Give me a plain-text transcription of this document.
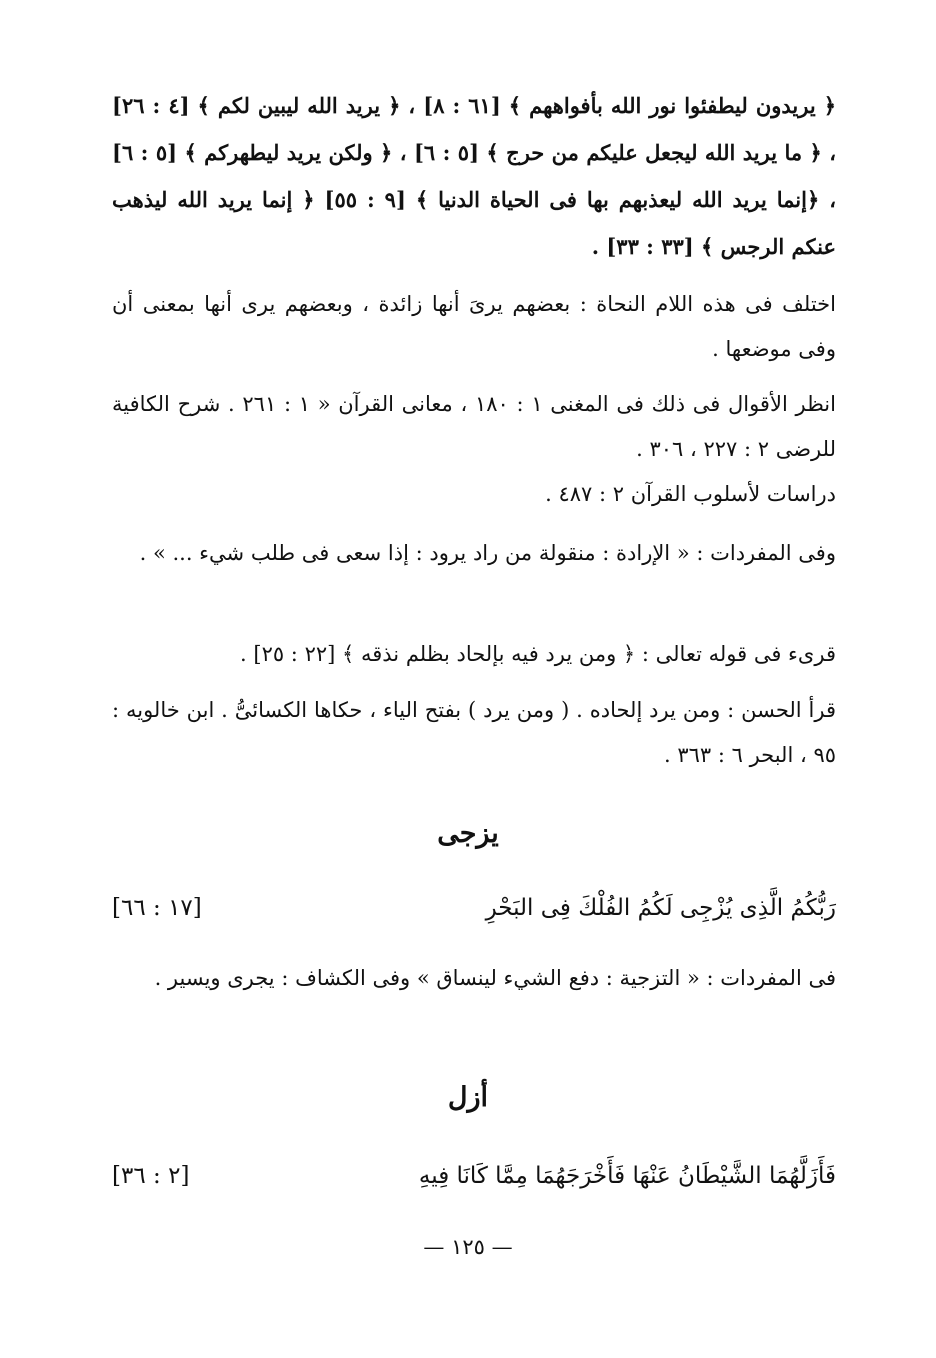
﴿ يريدون ليطفئوا نور الله بأفواههم ﴾ [٦١ : ٨] ، ﴿ يريد الله ليبين لكم ﴾ [٤ : ٢٦] ، ﴿ ما يريد الله ليجعل عليكم من حرج ﴾ [٥ : ٦] ، ﴿ ولكن يريد ليطهركم ﴾ [٥ : ٦] ، ﴿إنما يريد الله ليعذبهم بها فى الحياة الدنيا ﴾ [٩ : ٥٥] ﴿ إنما يريد الله ليذهب عنكم الرجس ﴾ [٣٣ : ٣٣] .

اختلف فى هذه اللام النحاة : بعضهم يرىَ أنها زائدة ، وبعضهم يرى أنها بمعنى أن وفى موضعها .

انظر الأقوال فى ذلك فى المغنى ١ : ١٨٠ ، معانى القرآن « ١ : ٢٦١ . شرح الكافية للرضى ٢ : ٢٢٧ ، ٣٠٦ .

دراسات لأسلوب القرآن ٢ : ٤٨٧ .

وفى المفردات : « الإرادة : منقولة من راد يرود : إذا سعى فى طلب شيء ... » .

قرىء فى قوله تعالى : ﴿ ومن يرد فيه بإلحاد بظلم نذقه ﴾ [٢٢ : ٢٥] .

قرأ الحسن : ومن يرد إلحاده . ( ومن يرد ) بفتح الياء ، حكاها الكسائىُّ . ابن خالويه : ٩٥ ، البحر ٦ : ٣٦٣ .

يزجى
رَبُّكُمُ الَّذِى يُزْجِى لَكُمُ الفُلْكَ فِى البَحْرِ
[١٧ : ٦٦]

فى المفردات : « التزجية : دفع الشيء لينساق » وفى الكشاف : يجرى ويسير .

أزل
فَأَزَلَّهُمَا الشَّيْطَانُ عَنْهَا فَأَخْرَجَهُمَا مِمَّا كَانَا فِيهِ
[٢ : ٣٦]
— ١٢٥ —
